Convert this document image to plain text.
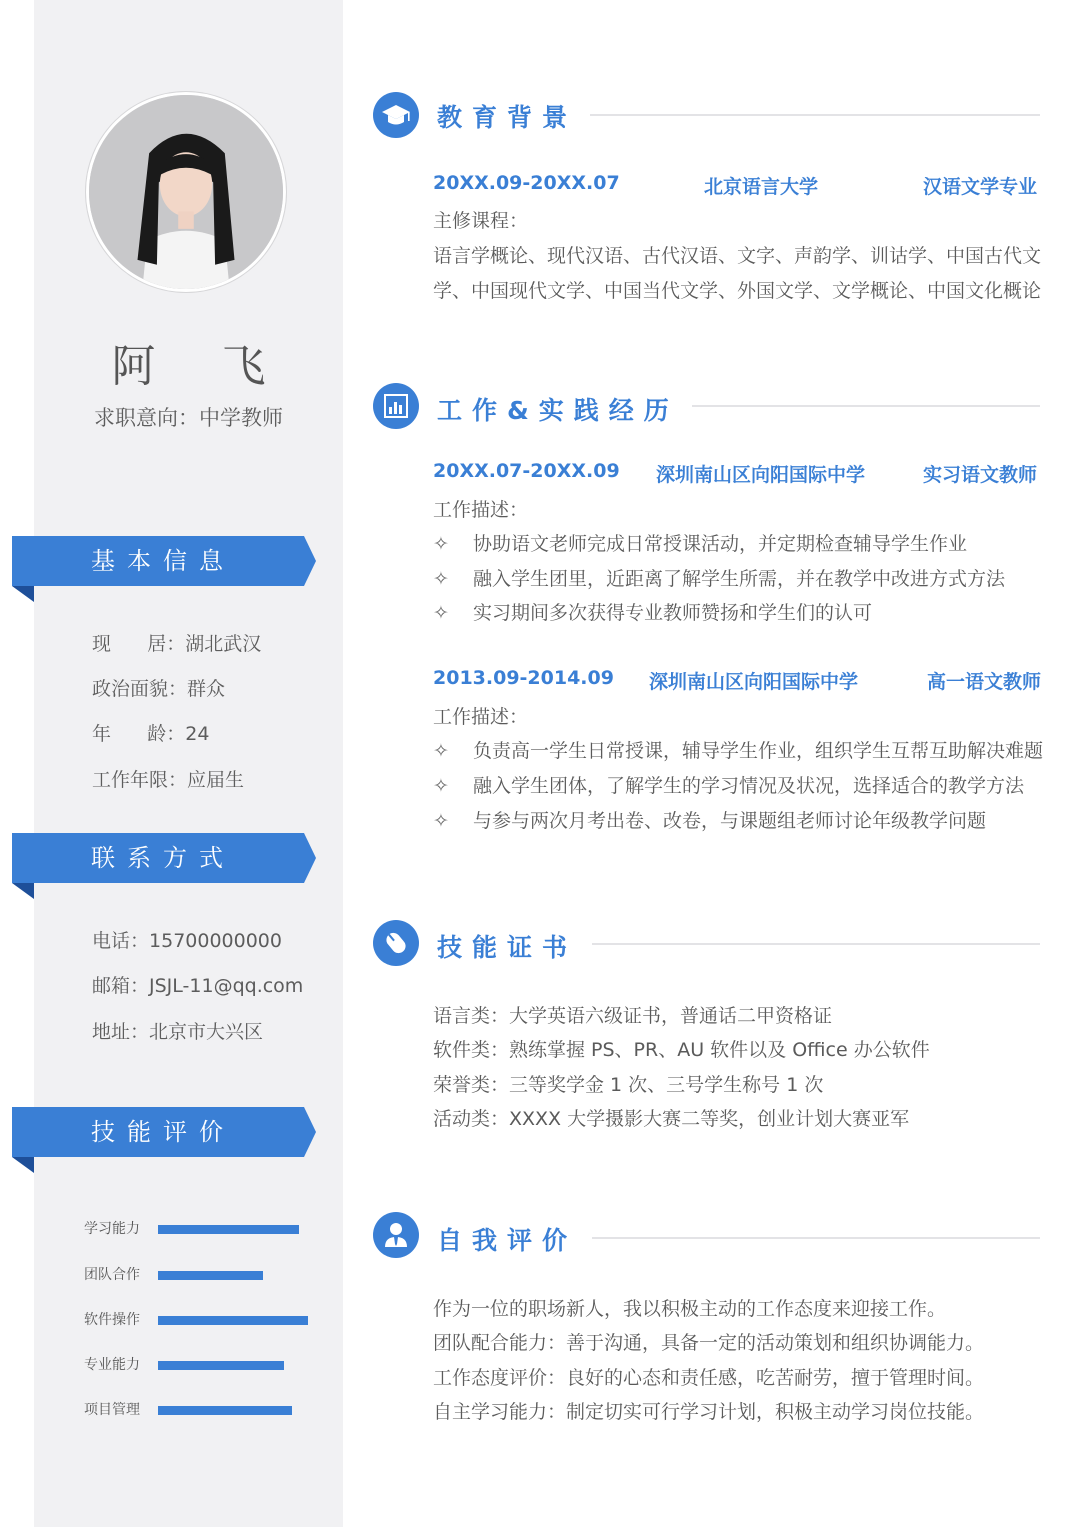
阿 飞
求职意向：中学教师
基本信息
现      居：湖北武汉
政治面貌：群众
年      龄：24
工作年限：应届生
联系方式
电话：15700000000
邮箱：JSJL-11@qq.com
地址：北京市大兴区
技能评价
学习能力
团队合作
软件操作
专业能力
项目管理
教育背景
20XX.09-20XX.07	北京语言大学	汉语文学专业
主修课程：
语言学概论、现代汉语、古代汉语、文字、声韵学、训诂学、中国古代文
学、中国现代文学、中国当代文学、外国文学、文学概论、中国文化概论
工作&实践经历
20XX.07-20XX.09 深圳南山区向阳国际中学	实习语文教师
工作描述：
✧ 协助语文老师完成日常授课活动，并定期检查辅导学生作业
✧ 融入学生团里，近距离了解学生所需，并在教学中改进方式方法
✧ 实习期间多次获得专业教师赞扬和学生们的认可
2013.09-2014.09 深圳南山区向阳国际中学	高一语文教师
工作描述：
✧ 负责高一学生日常授课，辅导学生作业，组织学生互帮互助解决难题
✧ 融入学生团体，了解学生的学习情况及状况，选择适合的教学方法
✧ 与参与两次月考出卷、改卷，与课题组老师讨论年级教学问题
技能证书
语言类：大学英语六级证书，普通话二甲资格证
软件类：熟练掌握 PS、PR、AU 软件以及 Office 办公软件
荣誉类：三等奖学金 1 次、三号学生称号 1 次
活动类：XXXX 大学摄影大赛二等奖，创业计划大赛亚军
自我评价
作为一位的职场新人，我以积极主动的工作态度来迎接工作。
团队配合能力：善于沟通，具备一定的活动策划和组织协调能力。
工作态度评价：良好的心态和责任感，吃苦耐劳，擅于管理时间。
自主学习能力：制定切实可行学习计划，积极主动学习岗位技能。
